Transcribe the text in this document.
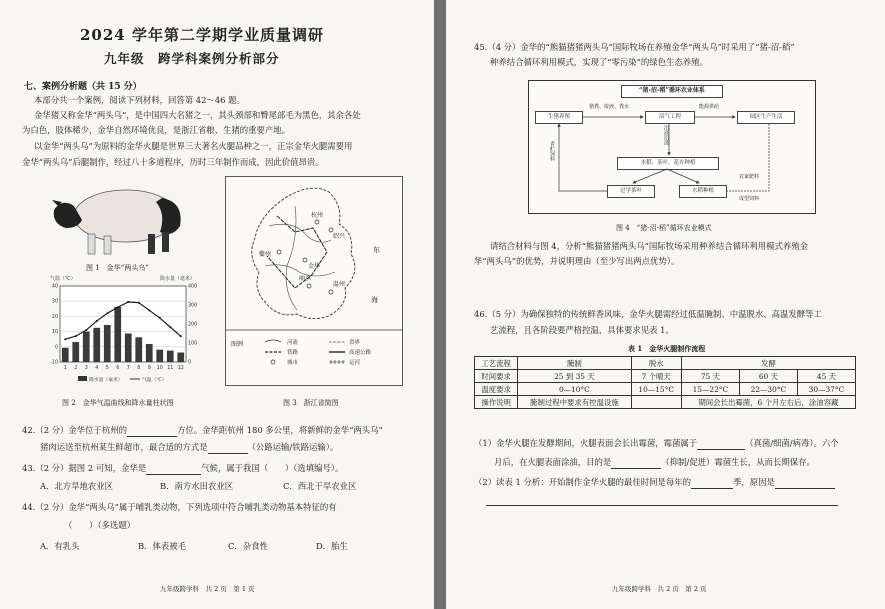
2024 学年第二学期学业质量调研
九年级　跨学科案例分析部分
七、案例分析题（共 15 分）
本部分共一个案例，阅读下列材料，回答第 42～46 题。
金华猪又称金华“两头乌”，是中国四大名猪之一，其头颈部和臀尾部毛为黑色，其余各处
为白色，肢体稀少，金华自然环境优良，是浙江省粮、生猪的重要产地。
以金华“两头乌”为原料的金华火腿是世界三大著名火腿品种之一，正宗金华火腿需要用
金华“两头乌”后腿制作，经过八十多道程序，历时三年制作而成，因此价值昂贵。
图 1　金华“两头乌”
气温（℃）	降水量（毫米）
1 2 3 4 5 6 7 8 9 10 11 12
40
30
20
10
0
-10
400
300
200
100
0
降水量（毫米）	气温（℃）
图 2　金华气温曲线和降水量柱状图
杭州
绍兴
金华
衢州
丽水
温州
东
海
图例	河流
铁路
城市
省界
高速公路
运河
图 3　浙江省简图
42.（2 分）金华位于杭州的	方位。金华距杭州 180 多公里，将新鲜的金华“两头乌”
猪肉运送至杭州某生鲜超市，最合适的方式是	（公路运输/铁路运输）。
43.（2 分）据图 2 可知，金华是	气候，属于我国（　　）（选填编号）。
A．北方旱地农业区	B．南方水田农业区	C．西北干旱农业区
44.（2 分）金华“两头乌”属于哺乳类动物，下列选项中符合哺乳类动物基本特征的有
（　　）（多选题）
A．有乳头	B．体表被毛	C．杂食性	D．胎生
九年级跨学科　共 2 页　第 1 页
45.（4 分）金华的“熊猫猪猪两头乌”国际牧场在养殖金华“两头乌”时采用了“猪-沼-稻”
种养结合循环利用模式，实现了“零污染”的绿色生态养殖。
“猪-沼-稻”循环农业体系
生猪养殖	沼气工程	园区生产生活
水稻、茶叶、花卉种植
过学茶叶	水稻种植
猪粪、废液、粪水	能源供给
沼液沼渣
青贮饲料
农家肥料
成型饲料
图 4　“猪-沼-稻”循环农业模式
请结合材料与图 4，分析“熊猫猪猪两头乌”国际牧场采用种养结合循环利用模式养殖金
华“两头乌”的优势，并说明理由（至少写出两点优势）。
46.（5 分）为确保独特的传统鲜香风味，金华火腿需经过低温腌制、中温脱水、高温发酵等工
艺流程，且各阶段要严格控温，具体要求见表 1。
表 1　金华火腿制作流程
工艺流程	腌制	脱水	发酵		
时间要求	25 到 35 天	7 个晴天	75 天	60 天	45 天
温度要求	0—10°C	10—15°C	15—22°C	22—30°C	30—37°C
操作说明	腌制过程中要求有控温设施		期间会长出霉菌，6 个月左右后，涂油容藏		
（1）金华火腿在发酵期间，火腿表面会长出霉菌，霉菌属于	（真菌/细菌/病毒）。六个
月后，在火腿表面涂油，目的是	（抑制/促进）霉菌生长，从而长期保存。
（2）读表 1 分析：开始制作金华火腿的最佳时间是每年的	季，原因是
九年级跨学科　共 2 页　第 2 页
